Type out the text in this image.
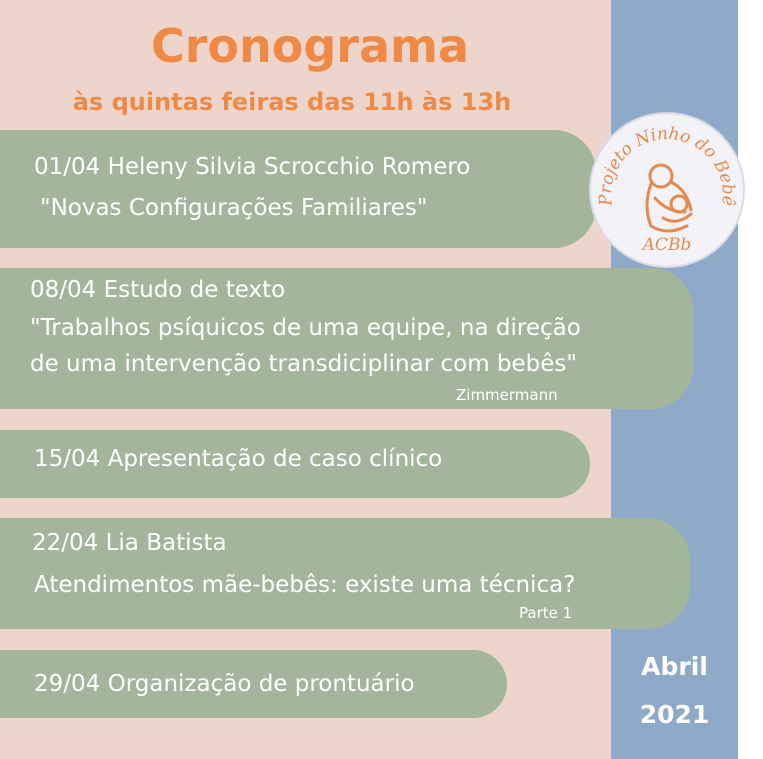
Cronograma
às quintas feiras das 11h às 13h
01/04 Heleny Silvia Scrocchio Romero
"Novas Configurações Familiares"
08/04 Estudo de texto
"Trabalhos psíquicos de uma equipe, na direção
de uma intervenção transdiciplinar com bebês"
Zimmermann
15/04 Apresentação de caso clínico
22/04 Lia Batista
Atendimentos mãe-bebês: existe uma técnica?
Parte 1
29/04 Organização de prontuário
Projeto Ninho do Bebê
ACBb
Abril
2021
